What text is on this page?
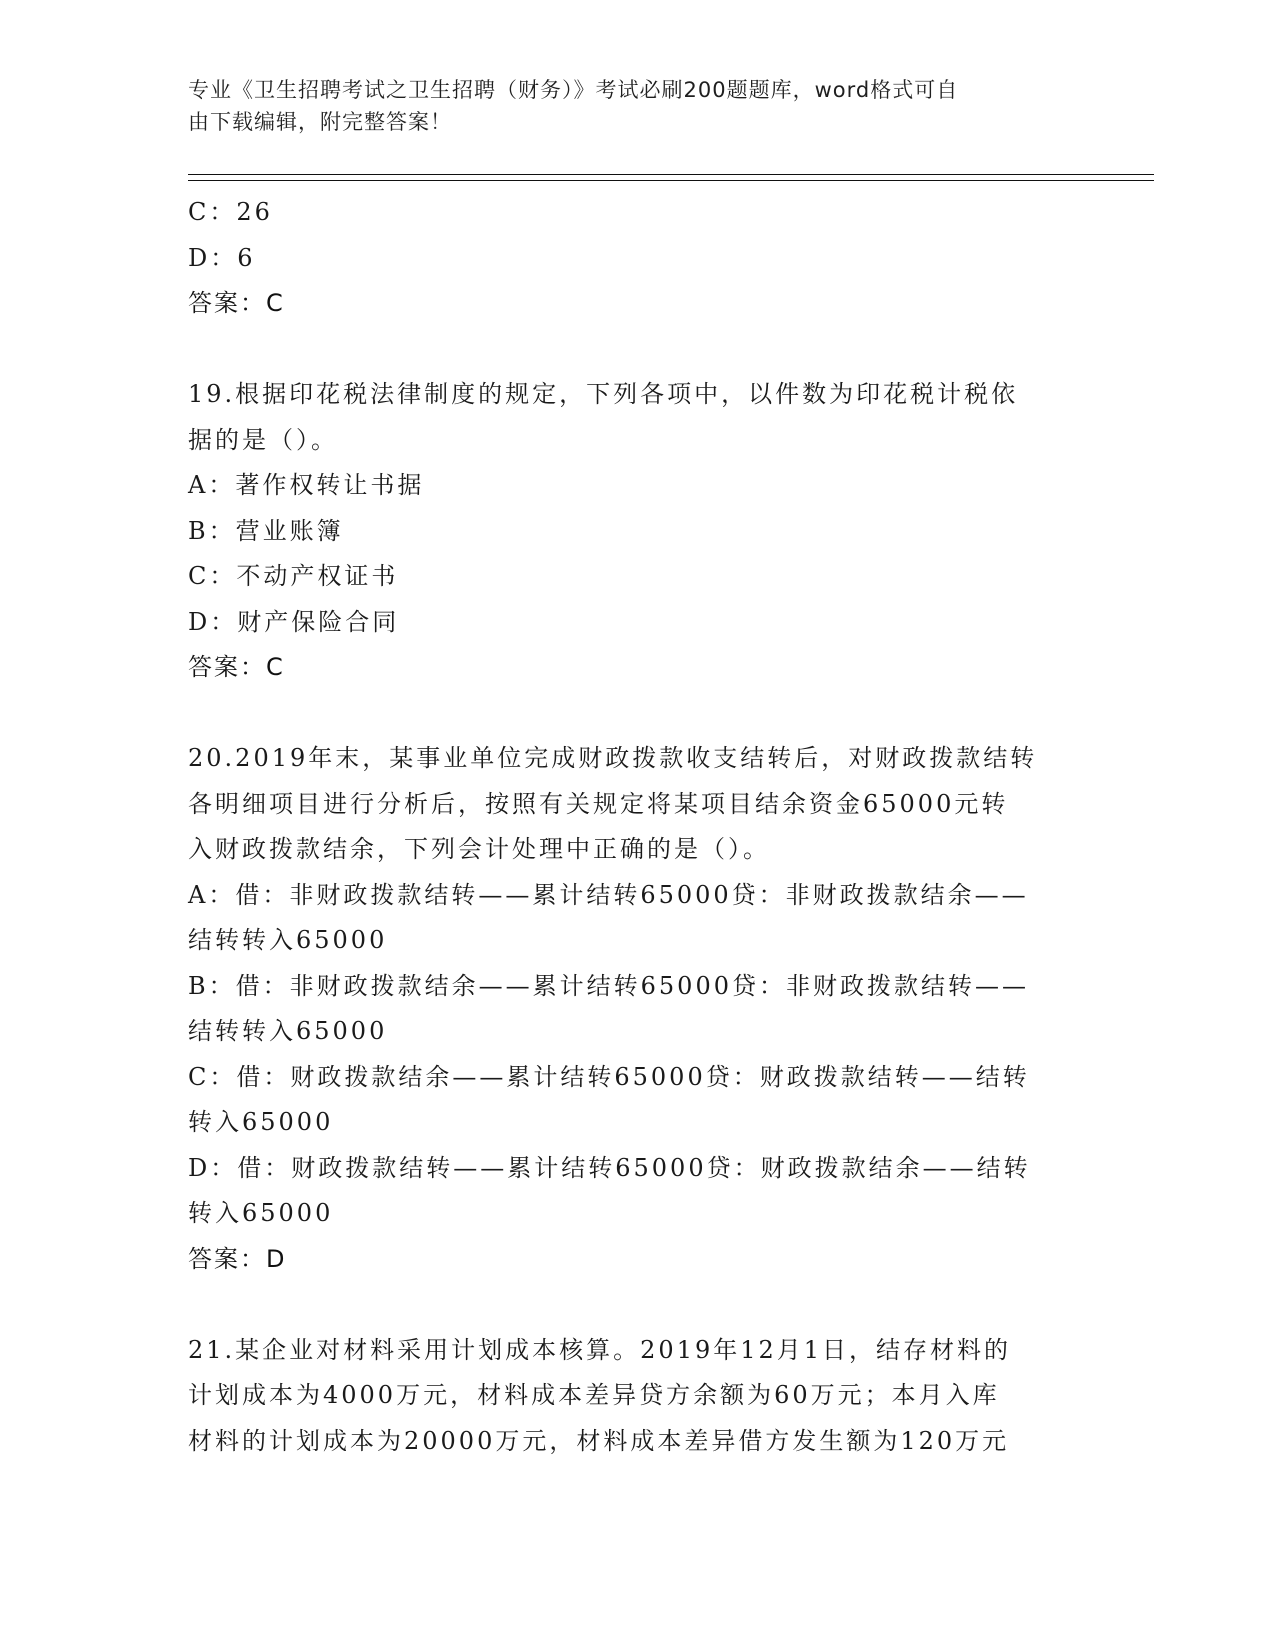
专业《卫生招聘考试之卫生招聘（财务）》考试必刷200题题库，word格式可自
由下载编辑，附完整答案！
C：26
D：6
答案：C
19.根据印花税法律制度的规定，下列各项中，以件数为印花税计税依
据的是（）。
A：著作权转让书据
B：营业账簿
C：不动产权证书
D：财产保险合同
答案：C
20.2019年末，某事业单位完成财政拨款收支结转后，对财政拨款结转
各明细项目进行分析后，按照有关规定将某项目结余资金65000元转
入财政拨款结余，下列会计处理中正确的是（）。
A：借：非财政拨款结转——累计结转65000贷：非财政拨款结余——
结转转入65000
B：借：非财政拨款结余——累计结转65000贷：非财政拨款结转——
结转转入65000
C：借：财政拨款结余——累计结转65000贷：财政拨款结转——结转
转入65000
D：借：财政拨款结转——累计结转65000贷：财政拨款结余——结转
转入65000
答案：D
21.某企业对材料采用计划成本核算。2019年12月1日，结存材料的
计划成本为4000万元，材料成本差异贷方余额为60万元；本月入库
材料的计划成本为20000万元，材料成本差异借方发生额为120万元
